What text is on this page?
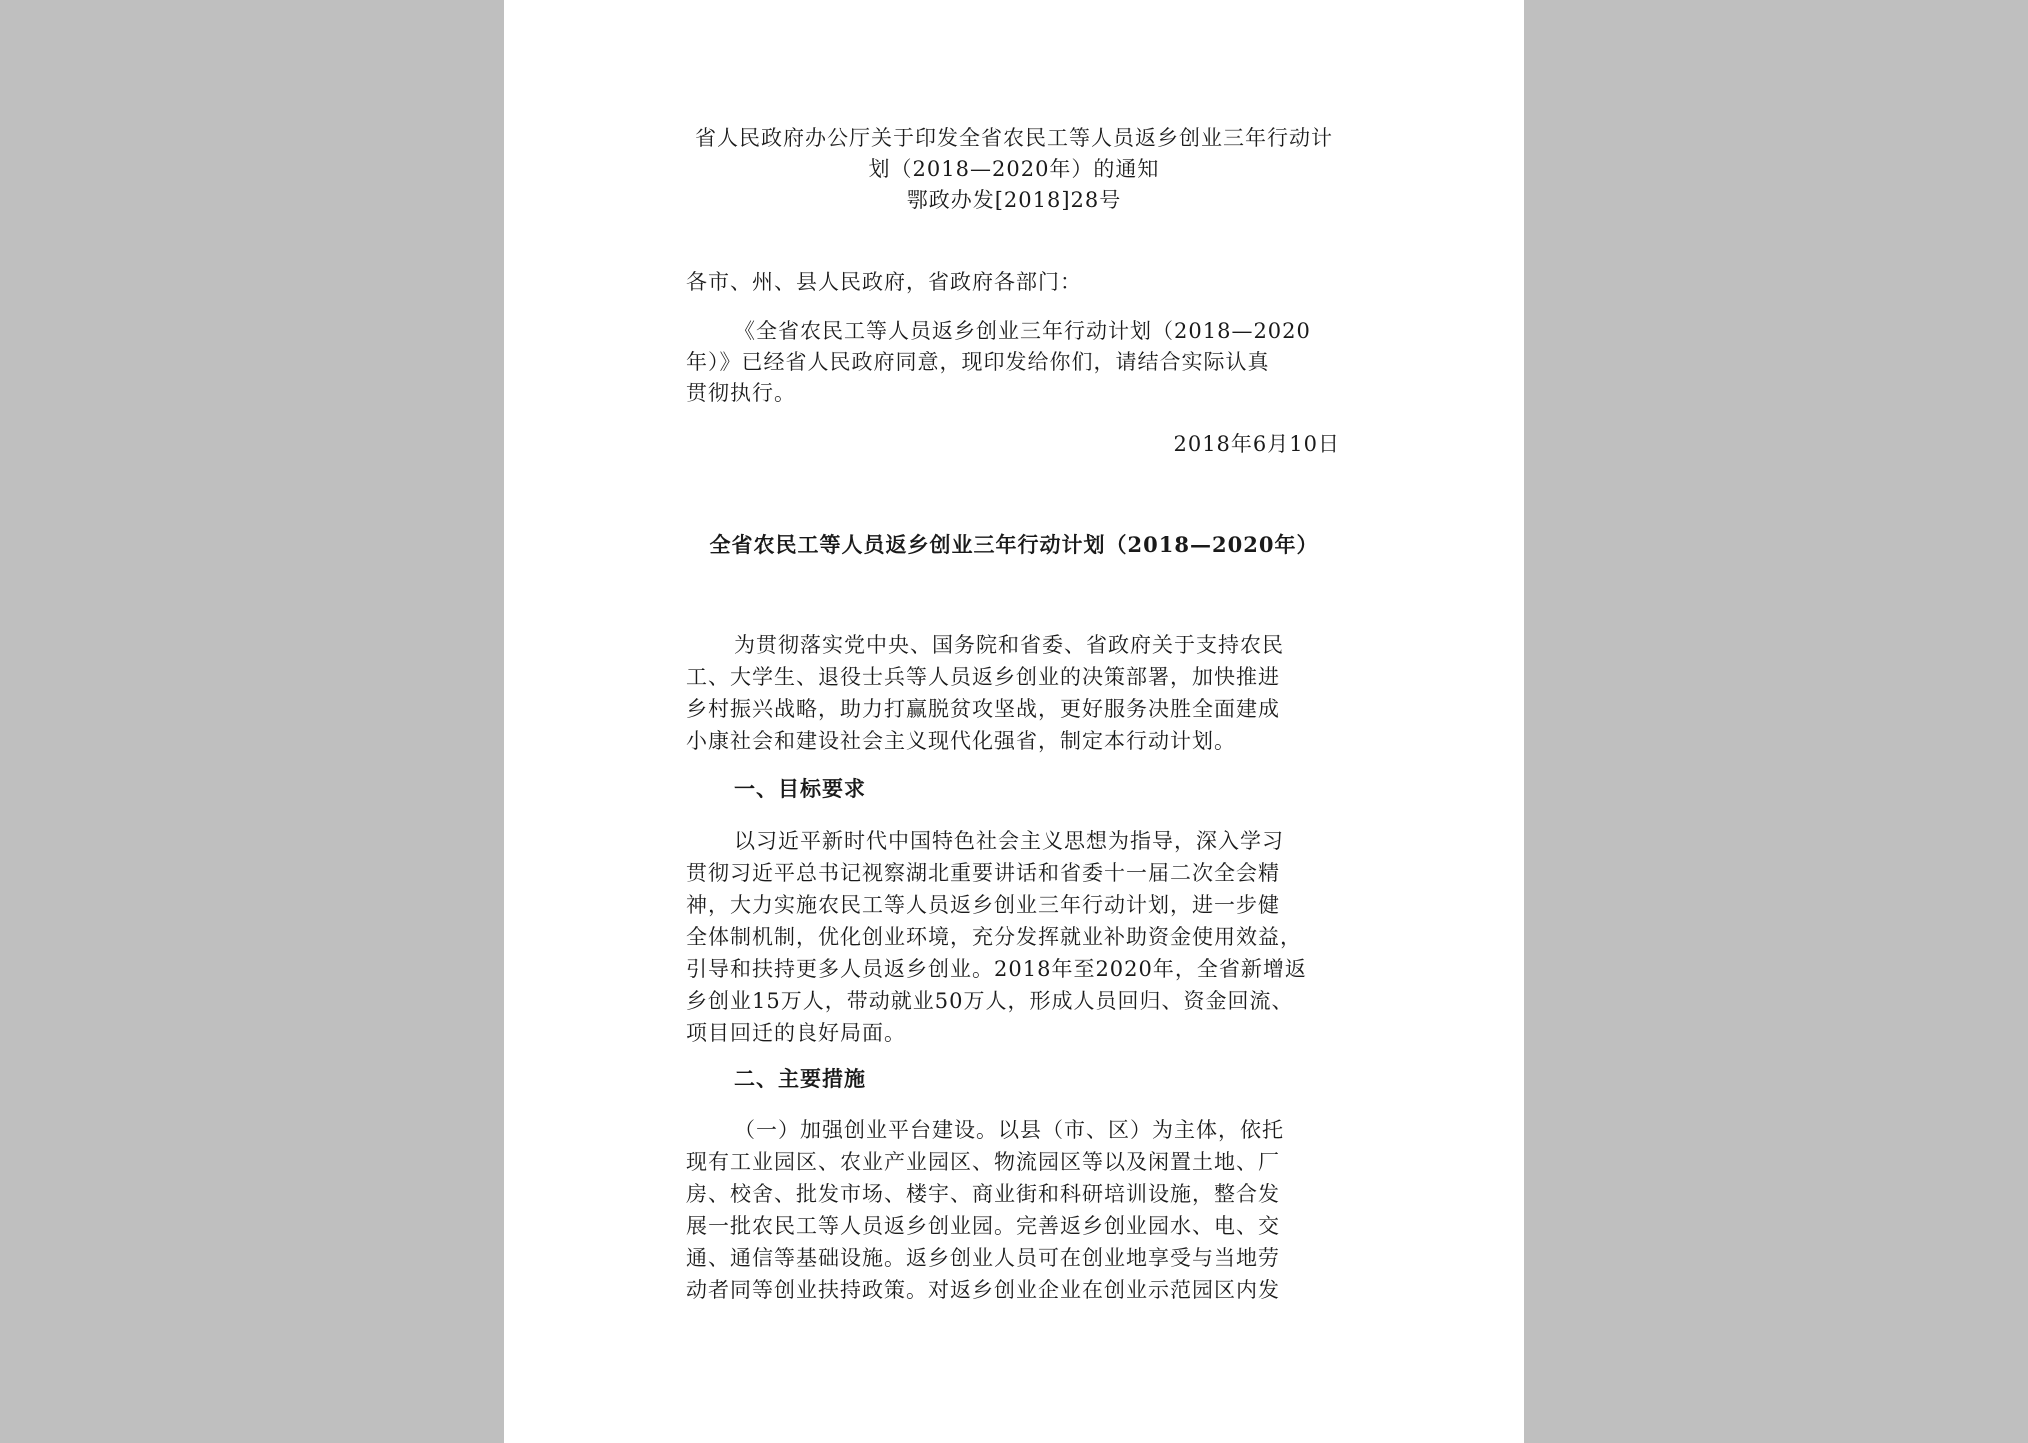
省人民政府办公厅关于印发全省农民工等人员返乡创业三年行动计
划（2018—2020年）的通知
鄂政办发[2018]28号
各市、州、县人民政府，省政府各部门：
《全省农民工等人员返乡创业三年行动计划（2018—2020
年）》已经省人民政府同意，现印发给你们，请结合实际认真
贯彻执行。
2018年6月10日
全省农民工等人员返乡创业三年行动计划（2018—2020年）
为贯彻落实党中央、国务院和省委、省政府关于支持农民
工、大学生、退役士兵等人员返乡创业的决策部署，加快推进
乡村振兴战略，助力打赢脱贫攻坚战，更好服务决胜全面建成
小康社会和建设社会主义现代化强省，制定本行动计划。
一、目标要求
以习近平新时代中国特色社会主义思想为指导，深入学习
贯彻习近平总书记视察湖北重要讲话和省委十一届二次全会精
神，大力实施农民工等人员返乡创业三年行动计划，进一步健
全体制机制，优化创业环境，充分发挥就业补助资金使用效益，
引导和扶持更多人员返乡创业。2018年至2020年，全省新增返
乡创业15万人，带动就业50万人，形成人员回归、资金回流、
项目回迁的良好局面。
二、主要措施
（一）加强创业平台建设。以县（市、区）为主体，依托
现有工业园区、农业产业园区、物流园区等以及闲置土地、厂
房、校舍、批发市场、楼宇、商业街和科研培训设施，整合发
展一批农民工等人员返乡创业园。完善返乡创业园水、电、交
通、通信等基础设施。返乡创业人员可在创业地享受与当地劳
动者同等创业扶持政策。对返乡创业企业在创业示范园区内发
